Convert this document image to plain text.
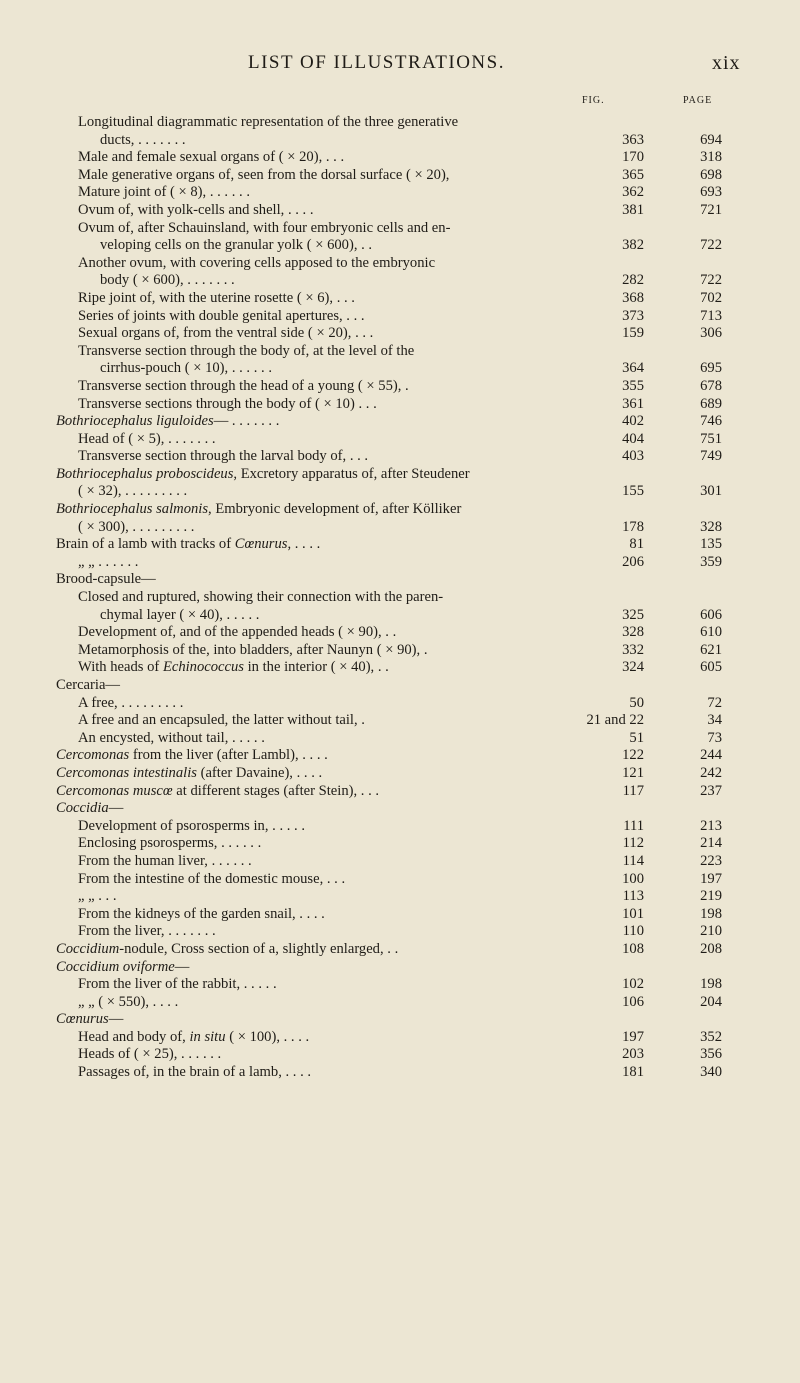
LIST OF ILLUSTRATIONS.	xix
FIG.	PAGE
Longitudinal diagrammatic representation of the three generative
ducts, . . . . . . .	363	694
Male and female sexual organs of ( × 20), . . .	170	318
Male generative organs of, seen from the dorsal surface ( × 20),	365	698
Mature joint of ( × 8), . . . . . .	362	693
Ovum of, with yolk-cells and shell, . . . .	381	721
Ovum of, after Schauinsland, with four embryonic cells and en-
veloping cells on the granular yolk ( × 600), . .	382	722
Another ovum, with covering cells apposed to the embryonic
body ( × 600), . . . . . . .	282	722
Ripe joint of, with the uterine rosette ( × 6), . . .	368	702
Series of joints with double genital apertures, . . .	373	713
Sexual organs of, from the ventral side ( × 20), . . .	159	306
Transverse section through the body of, at the level of the
cirrhus-pouch ( × 10), . . . . . .	364	695
Transverse section through the head of a young ( × 55), .	355	678
Transverse sections through the body of ( × 10) . . .	361	689
Bothriocephalus liguloides— . . . . . . .	402	746
Head of ( × 5), . . . . . . .	404	751
Transverse section through the larval body of, . . .	403	749
Bothriocephalus proboscideus, Excretory apparatus of, after Steudener
( × 32), . . . . . . . . .	155	301
Bothriocephalus salmonis, Embryonic development of, after Kölliker
( × 300), . . . . . . . . .	178	328
Brain of a lamb with tracks of Cœnurus, . . . .	81	135
„ „ . . . . . .	206	359
Brood-capsule—
Closed and ruptured, showing their connection with the paren-
chymal layer ( × 40), . . . . .	325	606
Development of, and of the appended heads ( × 90), . .	328	610
Metamorphosis of the, into bladders, after Naunyn ( × 90), .	332	621
With heads of Echinococcus in the interior ( × 40), . .	324	605
Cercaria—
A free, . . . . . . . . .	50	72
A free and an encapsuled, the latter without tail, .	21 and 22	34
An encysted, without tail, . . . . .	51	73
Cercomonas from the liver (after Lambl), . . . .	122	244
Cercomonas intestinalis (after Davaine), . . . .	121	242
Cercomonas muscœ at different stages (after Stein), . . .	117	237
Coccidia—
Development of psorosperms in, . . . . .	111	213
Enclosing psorosperms, . . . . . .	112	214
From the human liver, . . . . . .	114	223
From the intestine of the domestic mouse, . . .	100	197
„ „ . . .	113	219
From the kidneys of the garden snail, . . . .	101	198
From the liver, . . . . . . .	110	210
Coccidium-nodule, Cross section of a, slightly enlarged, . .	108	208
Coccidium oviforme—
From the liver of the rabbit, . . . . .	102	198
„ „ ( × 550), . . . .	106	204
Cœnurus—
Head and body of, in situ ( × 100), . . . .	197	352
Heads of ( × 25), . . . . . .	203	356
Passages of, in the brain of a lamb, . . . .	181	340
